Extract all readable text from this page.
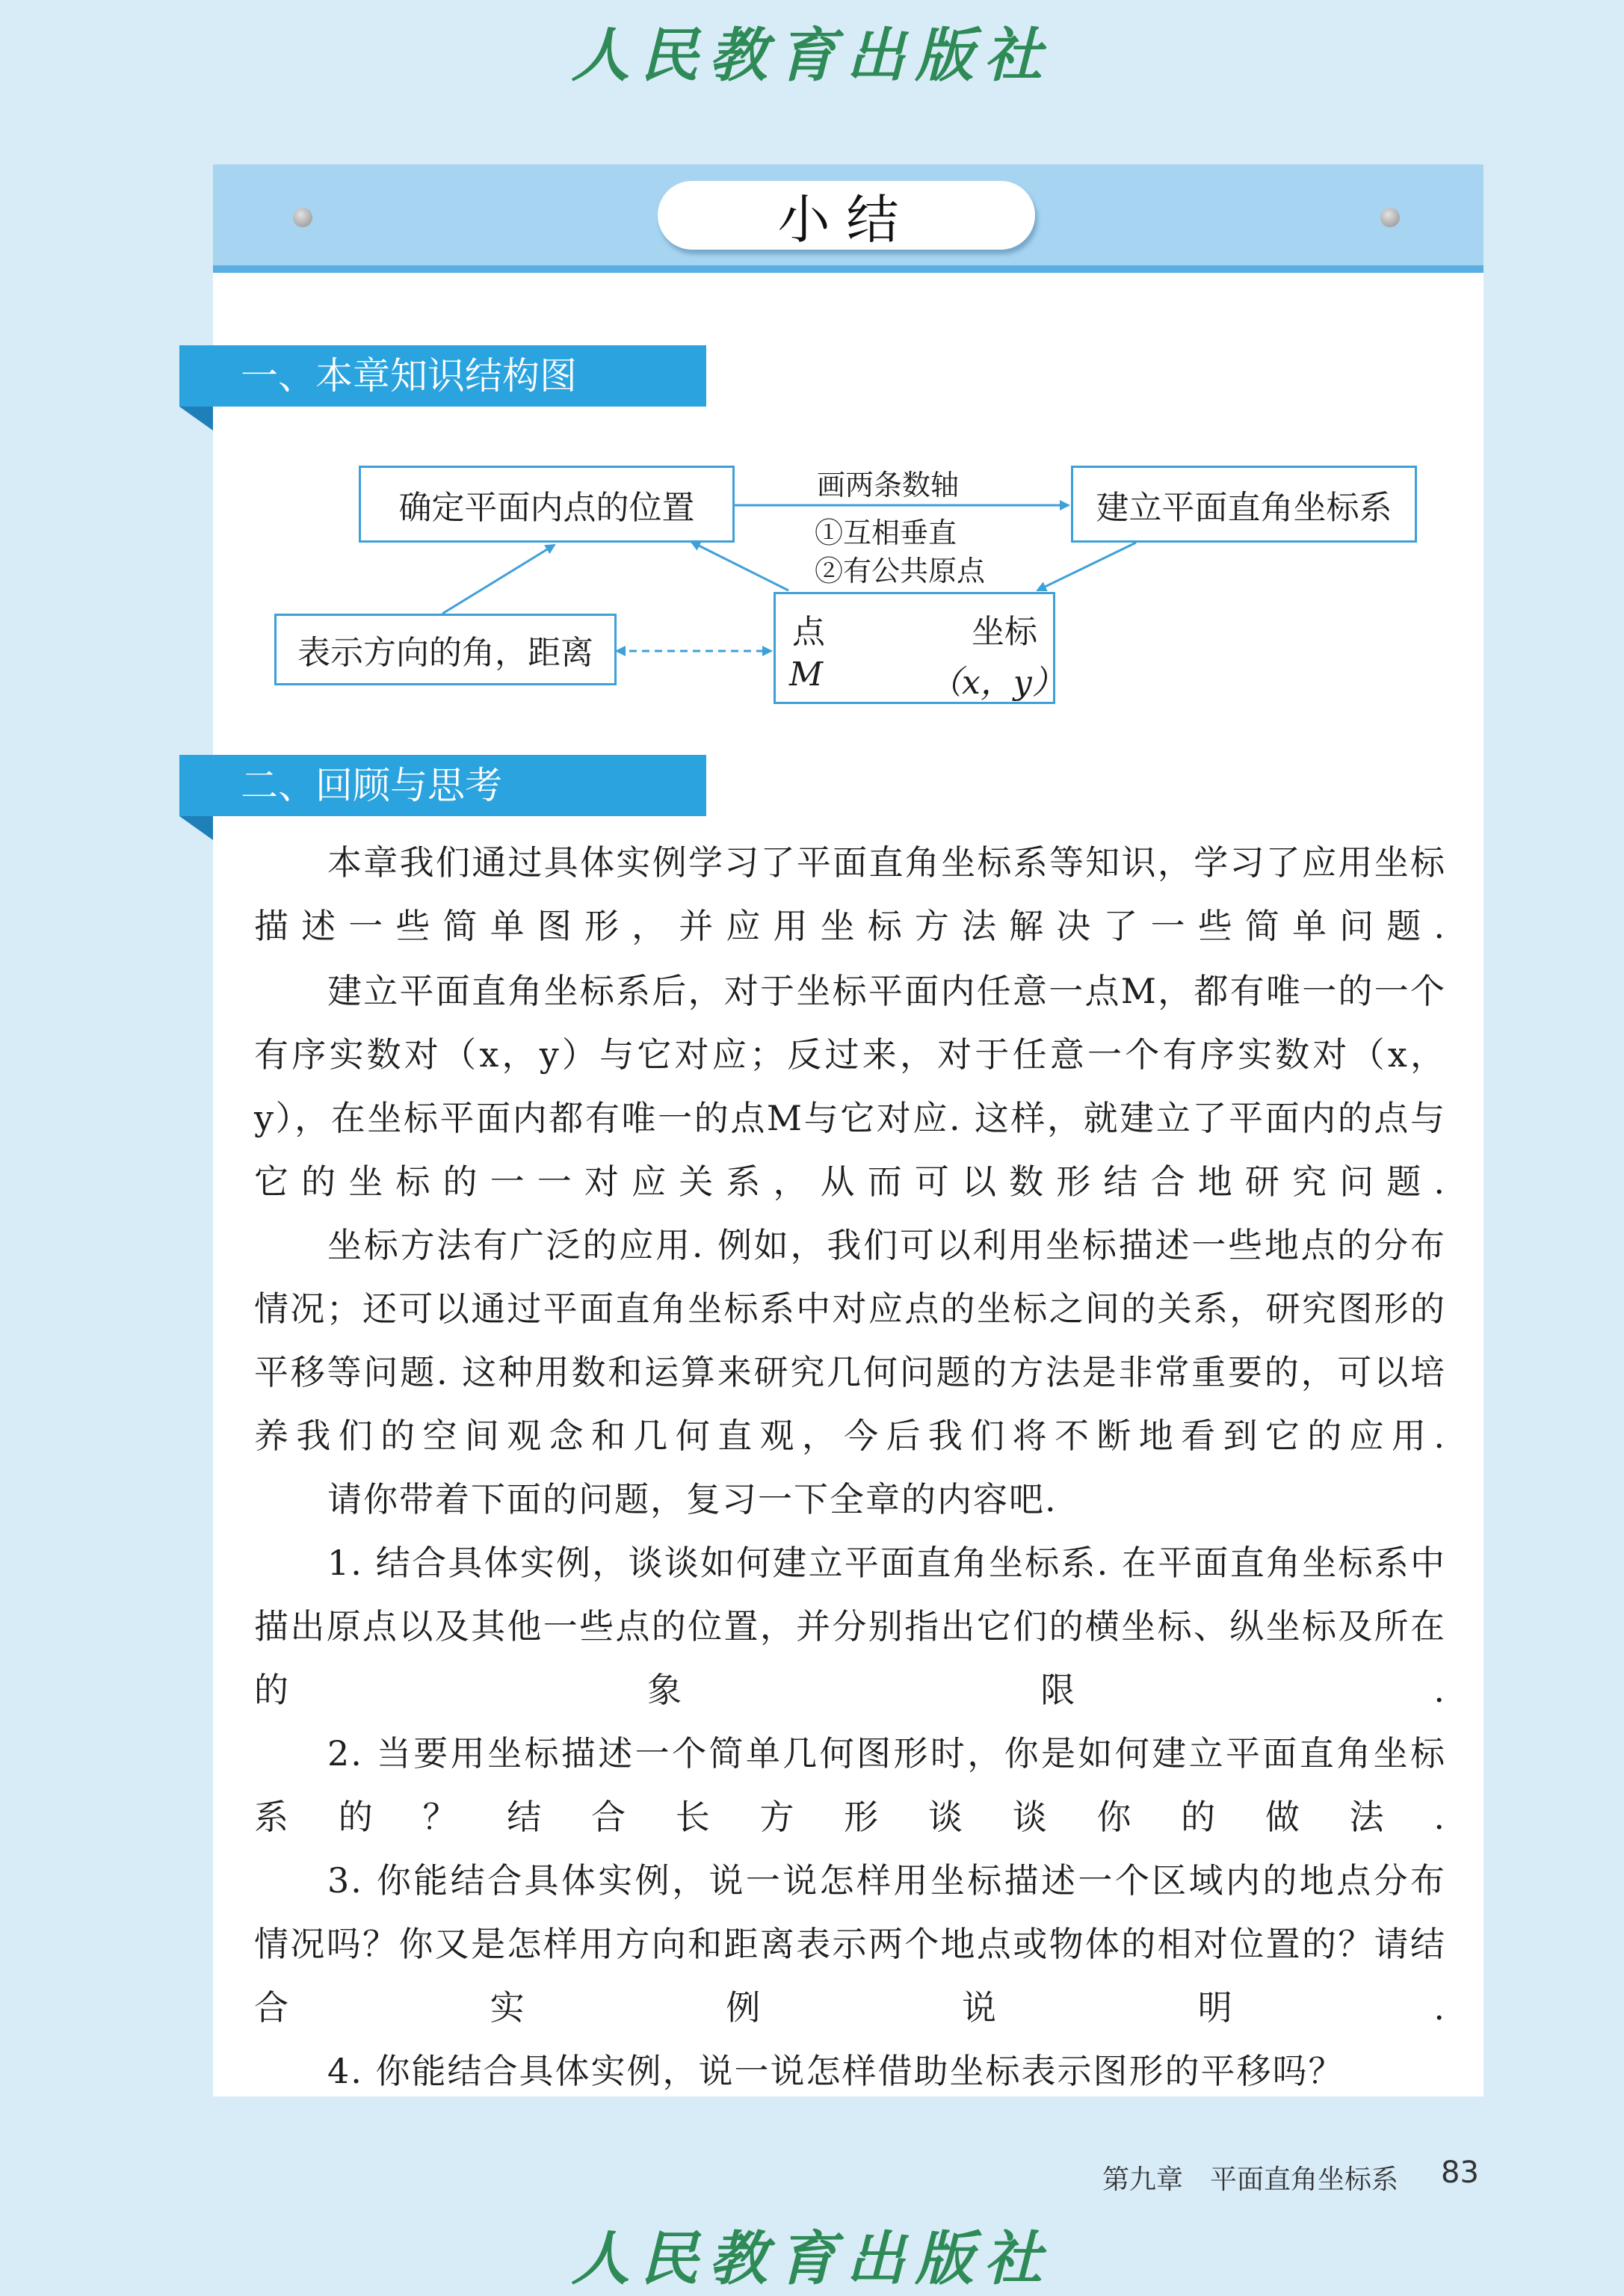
人民教育出版社
小结
一、本章知识结构图
二、回顾与思考
确定平面内点的位置	建立平面直角坐标系
表示方向的角，距离
点
M
坐标
（x，y）
画两条数轴
①互相垂直
②有公共原点

本章我们通过具体实例学习了平面直角坐标系等知识，学习了应用坐标描述一些简单图形，并应用坐标方法解决了一些简单问题.

建立平面直角坐标系后，对于坐标平面内任意一点M，都有唯一的一个有序实数对（x，y）与它对应；反过来，对于任意一个有序实数对（x，y），在坐标平面内都有唯一的点M与它对应. 这样，就建立了平面内的点与它的坐标的一一对应关系，从而可以数形结合地研究问题.

坐标方法有广泛的应用. 例如，我们可以利用坐标描述一些地点的分布情况；还可以通过平面直角坐标系中对应点的坐标之间的关系，研究图形的平移等问题. 这种用数和运算来研究几何问题的方法是非常重要的，可以培养我们的空间观念和几何直观，今后我们将不断地看到它的应用.

请你带着下面的问题，复习一下全章的内容吧.

1. 结合具体实例，谈谈如何建立平面直角坐标系. 在平面直角坐标系中描出原点以及其他一些点的位置，并分别指出它们的横坐标、纵坐标及所在的象限.

2. 当要用坐标描述一个简单几何图形时，你是如何建立平面直角坐标系的？结合长方形谈谈你的做法.

3. 你能结合具体实例，说一说怎样用坐标描述一个区域内的地点分布情况吗？你又是怎样用方向和距离表示两个地点或物体的相对位置的？请结合实例说明.

4. 你能结合具体实例，说一说怎样借助坐标表示图形的平移吗？

第九章　平面直角坐标系 83
人民教育出版社
